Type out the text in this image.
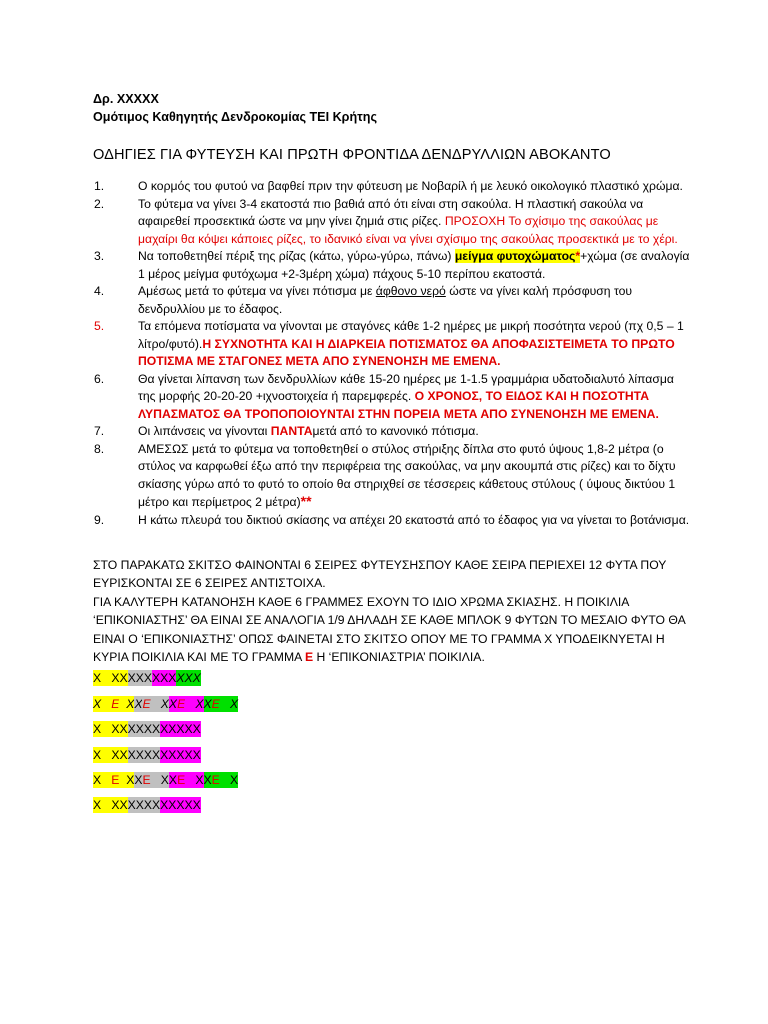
Δρ. XXXXX
Ομότιμος Καθηγητής Δενδροκομίας ΤΕΙ Κρήτης
ΟΔΗΓΙΕΣ ΓΙΑ ΦΥΤΕΥΣΗ ΚΑΙ ΠΡΩΤΗ ΦΡΟΝΤΙΔΑ ΔΕΝΔΡΥΛΛΙΩΝ ΑΒΟΚΑΝΤΟ
1.	Ο κορμός του φυτού να βαφθεί πριν την φύτευση με Νοβαρίλ ή με λευκό οικολογικό πλαστικό χρώμα.
2.	Το φύτεμα να γίνει 3-4 εκατοστά πιο βαθιά από ότι είναι στη σακούλα. Η πλαστική σακούλα να αφαιρεθεί προσεκτικά ώστε να μην γίνει ζημιά στις ρίζες. ΠΡΟΣΟΧΗ Το σχίσιμο της σακούλας με μαχαίρι θα κόψει κάποιες ρίζες, το ιδανικό είναι να γίνει σχίσιμο της σακούλας προσεκτικά με το χέρι.
3.	Να τοποθετηθεί πέριξ της ρίζας (κάτω, γύρω-γύρω, πάνω) μείγμα φυτοχώματος*+χώμα (σε αναλογία 1 μέρος μείγμα φυτόχωμα +2-3μέρη χώμα) πάχους 5-10 περίπου εκατοστά.
4.	Αμέσως μετά το φύτεμα να γίνει πότισμα με άφθονο νερό ώστε να γίνει καλή πρόσφυση του δενδρυλλίου με το έδαφος.
5.	Τα επόμενα ποτίσματα να γίνονται με σταγόνες κάθε 1-2 ημέρες με μικρή ποσότητα νερού (πχ 0,5 – 1 λίτρο/φυτό).Η ΣΥΧΝΟΤΗΤΑ ΚΑΙ Η ΔΙΑΡΚΕΙΑ ΠΟΤΙΣΜΑΤΟΣ ΘΑ ΑΠΟΦΑΣΙΣΤΕΙΜΕΤΑ ΤΟ ΠΡΩΤΟ ΠΟΤΙΣΜΑ ΜΕ ΣΤΑΓΟΝΕΣ ΜΕΤΑ ΑΠΟ ΣΥΝΕΝΟΗΣΗ ΜΕ ΕΜΕΝΑ.
6.	Θα γίνεται λίπανση των δενδρυλλίων κάθε 15-20 ημέρες με 1-1.5 γραμμάρια υδατοδιαλυτό λίπασμα της μορφής 20-20-20 +ιχνοστοιχεία ή παρεμφερές. Ο ΧΡΟΝΟΣ, ΤΟ ΕΙΔΟΣ ΚΑΙ Η ΠΟΣΟΤΗΤΑ ΛΥΠΑΣΜΑΤΟΣ ΘΑ ΤΡΟΠΟΠΟΙΟΥΝΤΑΙ ΣΤΗΝ ΠΟΡΕΙΑ ΜΕΤΑ ΑΠΟ ΣΥΝΕΝΟΗΣΗ ΜΕ ΕΜΕΝΑ.
7.	Οι λιπάνσεις να γίνονται ΠΑΝΤΑμετά από το κανονικό πότισμα.
8.	ΑΜΕΣΩΣ μετά το φύτεμα να τοποθετηθεί ο στύλος στήριξης δίπλα στο φυτό ύψους 1,8-2 μέτρα (ο στύλος να καρφωθεί έξω από την περιφέρεια της σακούλας, να μην ακουμπά στις ρίζες) και το δίχτυ σκίασης γύρω από το φυτό το οποίο θα στηριχθεί σε τέσσερεις κάθετους στύλους ( ύψους δικτύου 1 μέτρο και περίμετρος 2 μέτρα)**
9.	Η κάτω πλευρά του δικτιού σκίασης να απέχει 20 εκατοστά από το έδαφος για να γίνεται το βοτάνισμα.
ΣΤΟ ΠΑΡΑΚΑΤΩ ΣΚΙΤΣΟ ΦΑΙΝΟΝΤΑΙ 6 ΣΕΙΡΕΣ ΦΥΤΕΥΣΗΣΠΟΥ ΚΑΘΕ ΣΕΙΡΑ ΠΕΡΙΕΧΕΙ 12 ΦΥΤΑ ΠΟΥ ΕΥΡΙΣΚΟΝΤΑΙ ΣΕ 6 ΣΕΙΡΕΣ ΑΝΤΙΣΤΟΙΧΑ.
ΓΙΑ ΚΑΛΥΤΕΡΗ ΚΑΤΑΝΟΗΣΗ ΚΑΘΕ 6 ΓΡΑΜΜΕΣ ΕΧΟΥΝ ΤΟ ΙΔΙΟ ΧΡΩΜΑ ΣΚΙΑΣΗΣ. Η ΠΟΙΚΙΛΙΑ ‘ΕΠΙΚΟΝΙΑΣΤΗΣ’ ΘΑ ΕΙΝΑΙ ΣΕ ΑΝΑΛΟΓΙΑ 1/9 ΔΗΛΑΔΗ ΣΕ ΚΑΘΕ ΜΠΛΟΚ 9 ΦΥΤΩΝ ΤΟ ΜΕΣΑΙΟ ΦΥΤΟ ΘΑ ΕΙΝΑΙ Ο ‘ΕΠΙΚΟΝΙΑΣΤΗΣ’ ΟΠΩΣ ΦΑΙΝΕΤΑΙ ΣΤΟ ΣΚΙΤΣΟ ΟΠΟΥ ΜΕ ΤΟ ΓΡΑΜΜΑ Χ ΥΠΟΔΕΙΚΝΥΕΤΑΙ Η ΚΥΡΙΑ ΠΟΙΚΙΛΙΑ ΚΑΙ ΜΕ ΤΟ ΓΡΑΜΜΑ Ε Η ‘ΕΠΙΚΟΝΙΑΣΤΡΙΑ’ ΠΟΙΚΙΛΙΑ.
X XXXXXXXXXXX
X   E  XXE   XXE   XXE   X
X XXXXXXXXXXX
X XXXXXXXXXXX
X   E  XXE   XXE   XXE   X
X XXXXXXXXXXX
